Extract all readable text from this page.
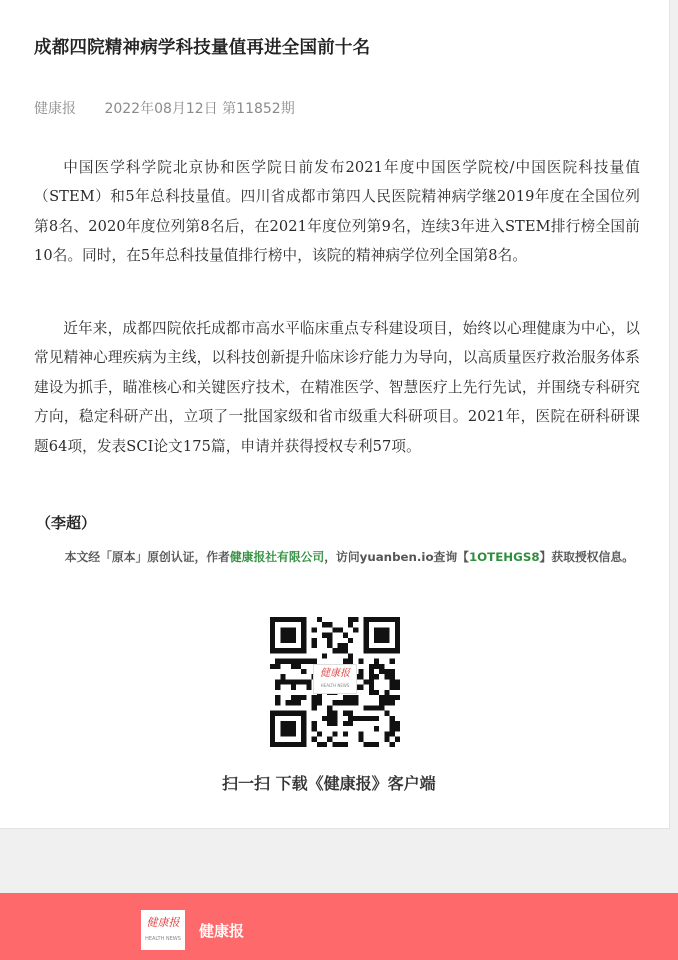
成都四院精神病学科技量值再进全国前十名
健康报 2022年08月12日 第11852期

中国医学科学院北京协和医学院日前发布2021年度中国医学院校/中国医院科技量值（STEM）和5年总科技量值。四川省成都市第四人民医院精神病学继2019年度在全国位列第8名、2020年度位列第8名后，在2021年度位列第9名，连续3年进入STEM排行榜全国前10名。同时，在5年总科技量值排行榜中，该院的精神病学位列全国第8名。

近年来，成都四院依托成都市高水平临床重点专科建设项目，始终以心理健康为中心，以常见精神心理疾病为主线，以科技创新提升临床诊疗能力为导向，以高质量医疗救治服务体系建设为抓手，瞄准核心和关键医疗技术，在精准医学、智慧医疗上先行先试，并围绕专科研究方向，稳定科研产出，立项了一批国家级和省市级重大科研项目。2021年，医院在研科研课题64项，发表SCI论文175篇，申请并获得授权专利57项。

（李超）

本文经「原本」原创认证，作者健康报社有限公司，访问yuanben.io查询【1OTEHGS8】获取授权信息。

健康报
HEALTH NEWS
扫一扫 下载《健康报》客户端
健康报
HEALTH NEWS 健康报
